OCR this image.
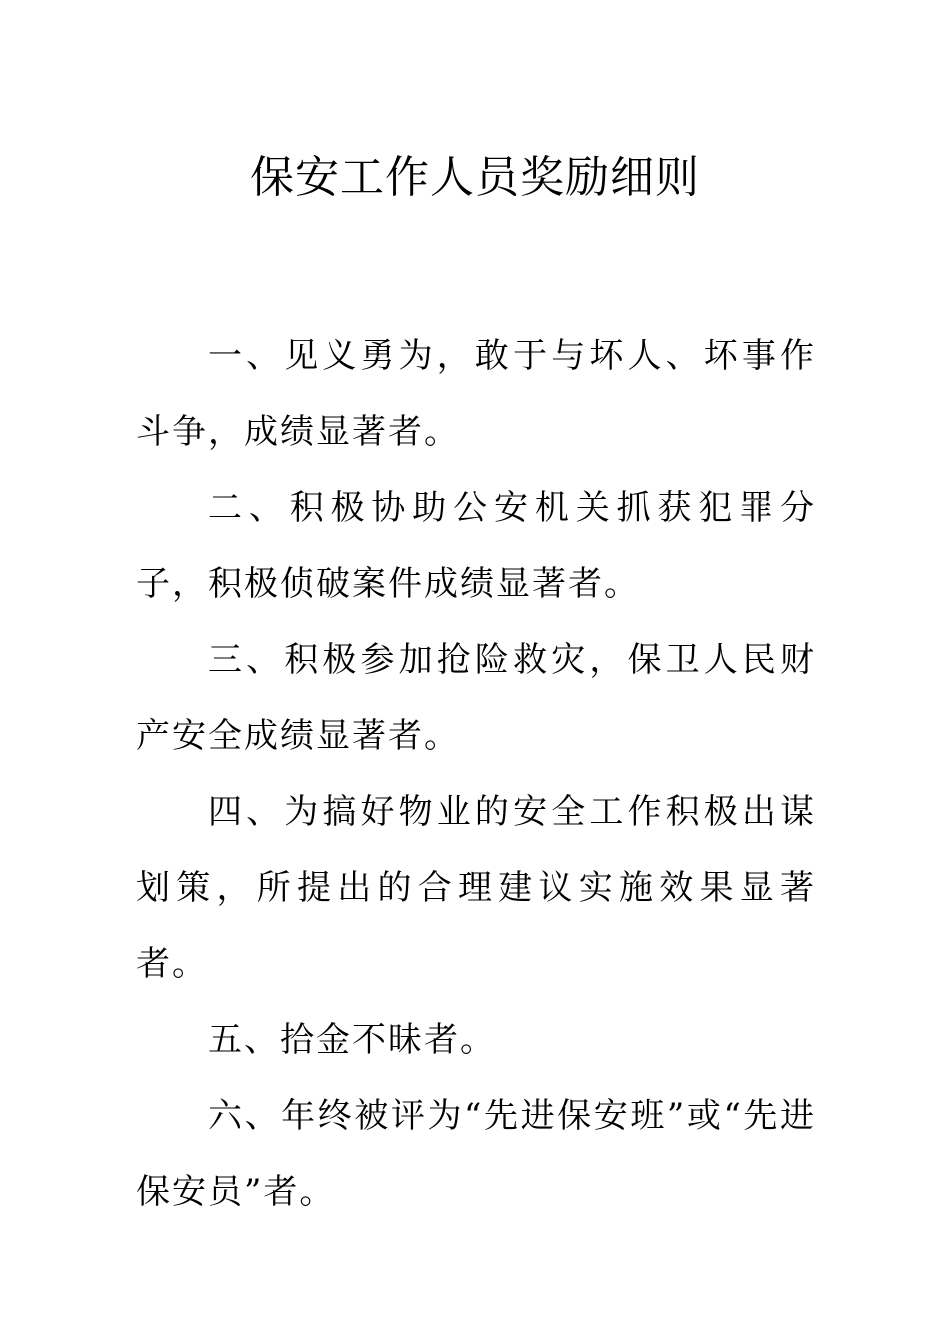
保安工作人员奖励细则

一、见义勇为，敢于与坏人、坏事作斗争，成绩显著者。

二、积极协助公安机关抓获犯罪分子，积极侦破案件成绩显著者。

三、积极参加抢险救灾，保卫人民财产安全成绩显著者。

四、为搞好物业的安全工作积极出谋划策，所提出的合理建议实施效果显著者。

五、拾金不昧者。

六、年终被评为“先进保安班”或“先进保安员”者。
